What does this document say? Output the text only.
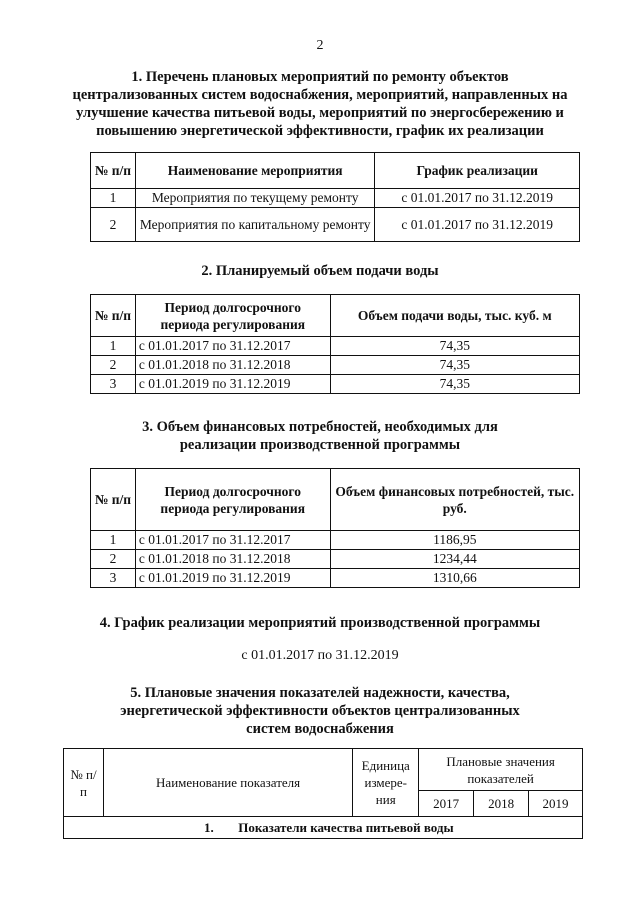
2
1. Перечень плановых мероприятий по ремонту объектов
централизованных систем водоснабжения, мероприятий, направленных на
улучшение качества питьевой воды, мероприятий по энергосбережению и
повышению энергетической эффективности, график их реализации
№ п/п	Наименование мероприятия	График реализации
1	Мероприятия по текущему ремонту	с 01.01.2017 по 31.12.2019
2	Мероприятия по капитальному ремонту	с 01.01.2017 по 31.12.2019
2. Планируемый объем подачи воды
№ п/п	Период долгосрочного периода регулирования	Объем подачи воды, тыс. куб. м
1	с 01.01.2017 по 31.12.2017	74,35
2	с 01.01.2018 по 31.12.2018	74,35
3	с 01.01.2019 по 31.12.2019	74,35
3. Объем финансовых потребностей, необходимых для
реализации производственной программы
№ п/п	Период долгосрочного периода регулирования	Объем финансовых потребностей, тыс. руб.
1	с 01.01.2017 по 31.12.2017	1186,95
2	с 01.01.2018 по 31.12.2018	1234,44
3	с 01.01.2019 по 31.12.2019	1310,66
4. График реализации мероприятий производственной программы
с 01.01.2017 по 31.12.2019
5. Плановые значения показателей надежности, качества,
энергетической эффективности объектов централизованных
систем водоснабжения
№ п/п	Наименование показателя	Единица измере-ния	Плановые значения показателей		
			2017	2018	2019
1. Показатели качества питьевой воды					
